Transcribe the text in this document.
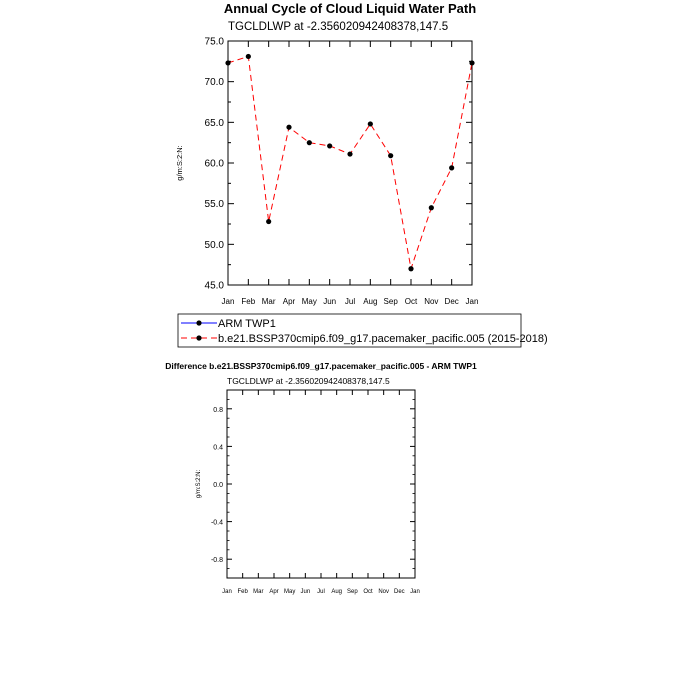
Annual Cycle of Cloud Liquid Water Path
TGCLDLWP at -2.356020942408378,147.5
g/m:S:2:N:
45.0
50.0
55.0
60.0
65.0
70.0
75.0
Jan Feb Mar Apr May Jun Jul Aug Sep Oct Nov Dec Jan
ARM TWP1
b.e21.BSSP370cmip6.f09_g17.pacemaker_pacific.005 (2015-2018)
Difference b.e21.BSSP370cmip6.f09_g17.pacemaker_pacific.005 - ARM TWP1
TGCLDLWP at -2.356020942408378,147.5
g/m:S:2:N:
-0.8
-0.4
0.0
0.4
0.8
Jan Feb Mar Apr May Jun Jul Aug Sep Oct Nov Dec Jan
